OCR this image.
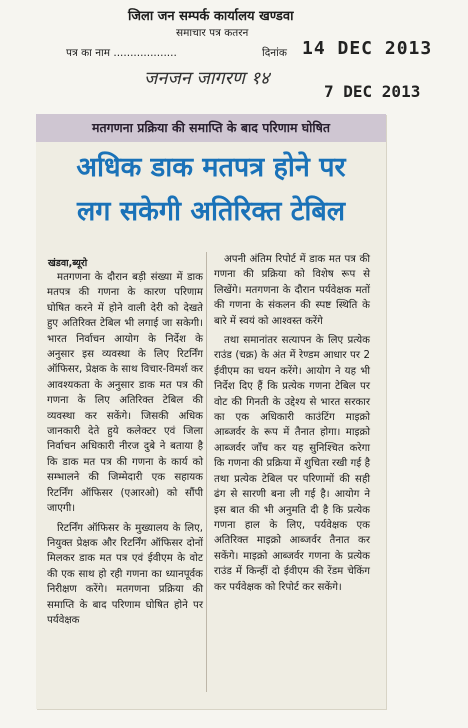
जिला जन सम्पर्क कार्यालय खण्डवा
समाचार पत्र कतरन
पत्र का नाम ...................	दिनांक 14 DEC 2013
जनजन जागरण १४
7 DEC 2013
मतगणना प्रक्रिया की समाप्ति के बाद परिणाम घोषित
अधिक डाक मतपत्र होने पर
लग सकेगी अतिरिक्त टेबिल
खंडवा,ब्यूरो

मतगणना के दौरान बड़ी संख्या में डाक मतपत्र की गणना के कारण परिणाम घोषित करने में होने वाली देरी को देखते हुए अतिरिक्त टेबिल भी लगाई जा सकेगी। भारत निर्वाचन आयोग के निर्देश के अनुसार इस व्यवस्था के लिए रिटर्निंग ऑफिसर, प्रेक्षक के साथ विचार-विमर्श कर आवश्यकता के अनुसार डाक मत पत्र की गणना के लिए अतिरिक्त टेबिल की व्यवस्था कर सकेंगे। जिसकी अधिक जानकारी देते हुये कलेक्टर एवं जिला निर्वाचन अधिकारी नीरज दुबे ने बताया है कि डाक मत पत्र की गणना के कार्य को सम्भालने की जिम्मेदारी एक सहायक रिटर्निंग ऑफिसर (एआरओ) को सौंपी जाएगी।

रिटर्निंग ऑफिसर के मुख्यालय के लिए, नियुक्त प्रेक्षक और रिटर्निंग ऑफिसर दोनों मिलकर डाक मत पत्र एवं ईवीएम के वोट की एक साथ हो रही गणना का ध्यानपूर्वक निरीक्षण करेंगे। मतगणना प्रक्रिया की समाप्ति के बाद परिणाम घोषित होने पर पर्यवेक्षक

अपनी अंतिम रिपोर्ट में डाक मत पत्र की गणना की प्रक्रिया को विशेष रूप से लिखेंगे। मतगणना के दौरान पर्यवेक्षक मतों की गणना के संकलन की स्पष्ट स्थिति के बारे में स्वयं को आश्वस्त करेंगे

तथा समानांतर सत्यापन के लिए प्रत्येक राउंड (चक्र) के अंत में रेण्डम आधार पर 2 ईवीएम का चयन करेंगे। आयोग ने यह भी निर्देश दिए हैं कि प्रत्येक गणना टेबिल पर वोट की गिनती के उद्देश्य से भारत सरकार का एक अधिकारी काउंटिंग माइक्रो आब्जर्वर के रूप में तैनात होगा। माइक्रो आब्जर्वर जाँच कर यह सुनिश्चित करेगा कि गणना की प्रक्रिया में शुचिता रखी गई है तथा प्रत्येक टेबिल पर परिणामों की सही ढंग से सारणी बना ली गई है। आयोग ने इस बात की भी अनुमति दी है कि प्रत्येक गणना हाल के लिए, पर्यवेक्षक एक अतिरिक्त माइक्रो आब्जर्वर तैनात कर सकेंगे। माइक्रो आब्जर्वर गणना के प्रत्येक राउंड में किन्हीं दो ईवीएम की रेंडम चेकिंग कर पर्यवेक्षक को रिपोर्ट कर सकेंगे।
